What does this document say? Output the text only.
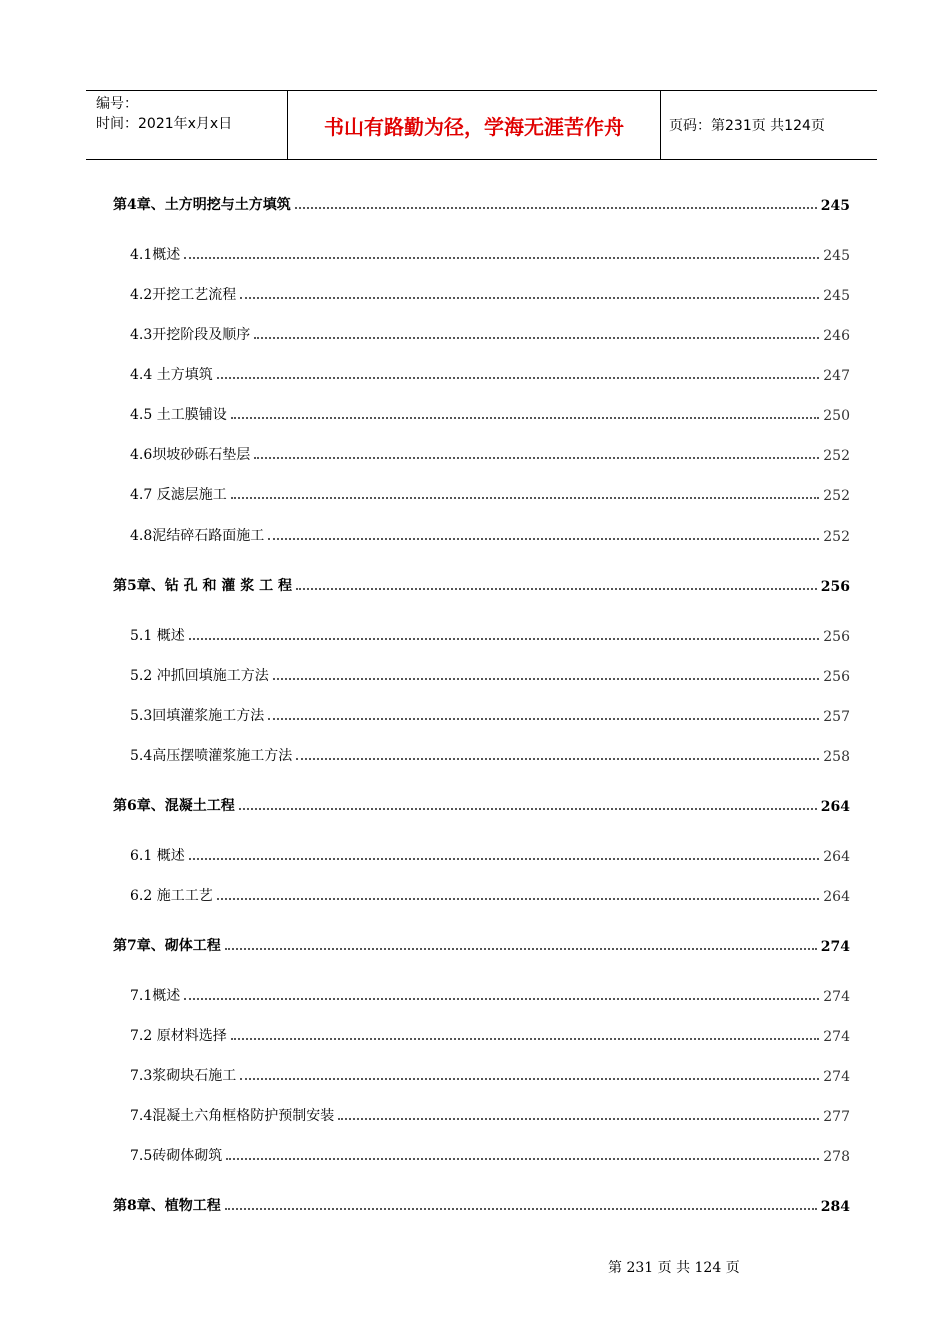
编号：
时间：2021年x月x日	书山有路勤为径，学海无涯苦作舟	页码：第231页 共124页
第4章、土方明挖与土方填筑	245
4.1概述	245
4.2开挖工艺流程	245
4.3开挖阶段及顺序	246
4.4 土方填筑	247
4.5 土工膜铺设	250
4.6坝坡砂砾石垫层	252
4.7 反滤层施工	252
4.8泥结碎石路面施工	252
第5章、钻 孔 和 灌 浆 工 程	256
5.1 概述	256
5.2 冲抓回填施工方法	256
5.3回填灌浆施工方法	257
5.4高压摆喷灌浆施工方法	258
第6章、混凝土工程	264
6.1 概述	264
6.2 施工工艺	264
第7章、砌体工程	274
7.1概述	274
7.2 原材料选择	274
7.3浆砌块石施工	274
7.4混凝土六角框格防护预制安装	277
7.5砖砌体砌筑	278
第8章、植物工程	284
第 231 页 共 124 页
